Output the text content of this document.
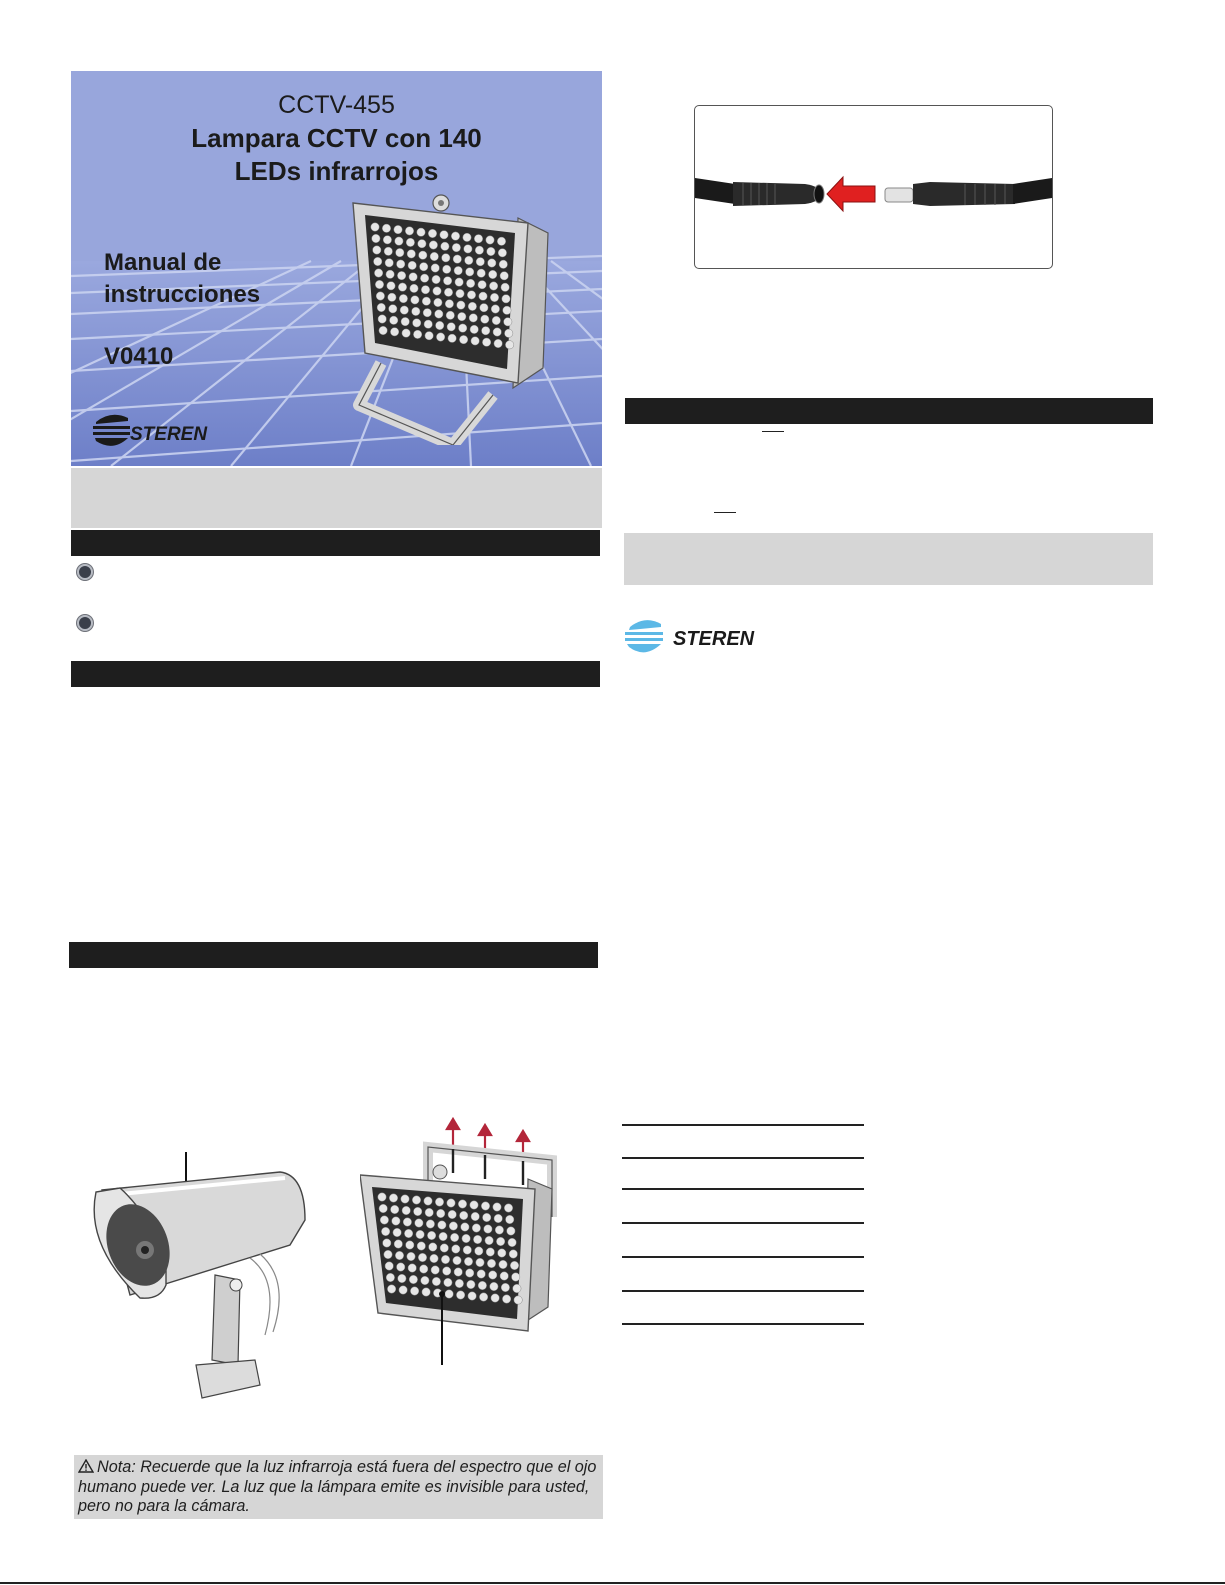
CCTV-455
Lampara CCTV con 140
LEDs infrarrojos
Manual de
instrucciones
V0410
STEREN
Nota: Recuerde que la luz infrarroja está fuera del espectro que el ojo humano puede ver. La luz que la lámpara emite es invisible para usted, pero no para la cámara.
STEREN
